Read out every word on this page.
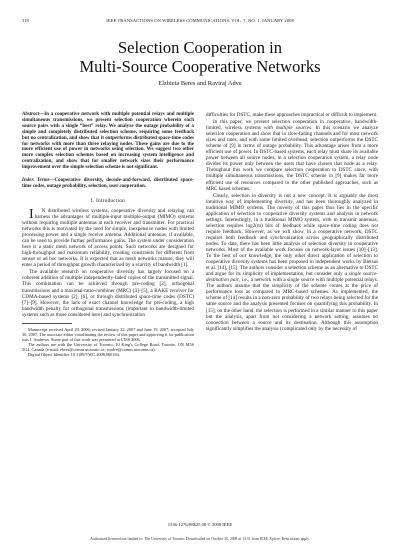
118	IEEE TRANSACTIONS ON WIRELESS COMMUNICATIONS, VOL. 7, NO. 1, JANUARY 2008
Selection Cooperation in
Multi-Source Cooperative Networks
Elzbieta Beres and Raviraj Adve
Abstract—In a cooperative network with multiple potential relays and multiple simultaneous transmissions, we present selection cooperation wherein each source pairs with a single “best” relay. We analyze the outage probability of a simple and completely distributed selection scheme, requiring some feedback but no centralization, and show that it outperforms distributed space-time codes for networks with more than three relaying nodes. These gains are due to the more efficient use of power in networks using selection. We suggest two other more complex selection schemes based on increasing system intelligence and centralization, and show that for smaller network sizes their performance improvement over the simple selection scheme is not significant.
Index Terms—Cooperative diversity, decode-and-forward, distributed space-time codes, outage probability, selection, user cooperation.
I. Introduction

I N distributed wireless systems, cooperative diversity and relaying can harness the advantages of multiple-input multiple-output (MIMO) systems without requiring multiple antennas at each receiver and transmitter. For practical networks this is motivated by the need for simple, inexpensive nodes with limited processing power and a single receive antenna. Additional antennas, if available, can be used to provide further performance gains. The system under consideration here is a static mesh network of access points. Such networks are designed for high-throughput and maximum reliability, creating constraints for different from sensor or ad hoc networks. It is expected that as mesh networks mature, they will enter a period of throughput growth characterized by a scarcity of bandwidth [1].

The available research on cooperative diversity has largely focused on a coherent addition of multiple independently-faded copies of the transmitted signal. This combination can be achieved through pre-coding [2], orthogonal transmissions and a maximal-ratio-combiner (MRC) [3]–[5], a RAKE receiver for CDMA-based systems [2], [6], or through distributed space-time codes (DSTC) [7]–[9]. However, the lack of exact channel knowledge for pre-coding, a high bandwidth penalty for orthogonal transmissions (important in bandwidth-limited systems such as those considered here) and synchronization

Manuscript received April 20, 2006; revised January 22, 2007 and June 19, 2007; accepted July 30, 2007. The associate editor coordinating the review of this paper and approving it for publication was J. Andrews. Some part of this work was presented at CISS 2006.

The authors are with the University of Toronto, 10 King’s College Road, Toronto, ON M5S 3G4, Canada (e-mail: ebres@comm.utoronto.ca; rsadve@comm.utoronto.ca).

Digital Object Identifier 10.1109/TWC.2008.060184.

difficulties for DSTC, make these approaches impractical or difficult to implement.

In this paper, we present selection cooperation in cooperative, bandwidth-limited, wireless systems with multiple sources. In this scenario we analyze selection cooperation and show that in slow-fading channels and for most network sizes and rates, and with some limited overhead, selection outperforms the DSTC scheme of [9] in terms of outage probability. This advantage arises from a more efficient use of power. In DSTC-based systems, each relay must share its available power between all source nodes; in a selection cooperation system, a relay node divides its power only between the users that have chosen that node as a relay. Throughout this work we compare selection cooperation to DSTC since, with multiple simultaneous transmissions, the DSTC scheme in [9] makes far more efficient use of resources compared to the other published approaches, such as MRC based schemes.

Clearly, selection in diversity is not a new concept. It is arguably the most intuitive way of implementing diversity, and has been thoroughly analyzed in traditional MIMO systems. The novelty of this paper thus lies in the specific application of selection to cooperative diversity systems and analysis in network settings. Interestingly, in a traditional MIMO system, with m transmit antennas, selection requires log2(m) bits of feedback while space-time coding does not require feedback. However, as we will show, in a cooperative network, DSTC requires both feedback and synchronization across geographically distributed nodes. To date, there has been little analysis of selection diversity in cooperative networks. Most of the available work focuses on network-layer issues [10]–[13]. To the best of our knowledge, the only other direct application of selection to cooperative diversity systems has been proposed in independent works by Bletsas et al. [14], [15]. The authors consider a selection scheme as an alternative to DSTC and argue for its simplicity of implementation, but consider only a single source-destination pair, i.e., a network with a single source with multiple potential relays. The authors assume that the simplicity of the scheme comes at the price of performance loss as compared to MRC-based schemes. As implemented, the scheme of [14] results in a non-zero probability of two relays being selected for the same source and the analysis presented focuses on quantifying this probability. In [15], on the other hand, the selection is performed in a similar manner to this paper but the analysis, apart from not considering a network setting, assumes no connection between a source and its destination. Although this assumption significantly simplifies the analysis (complicated only by the necessity of

1536-1276/08$25.00 © 2008 IEEE
Authorized licensed use limited to: The University of Toronto. Downloaded on October 30, 2008 at 13:51 from IEEE Xplore. Restrictions apply.
